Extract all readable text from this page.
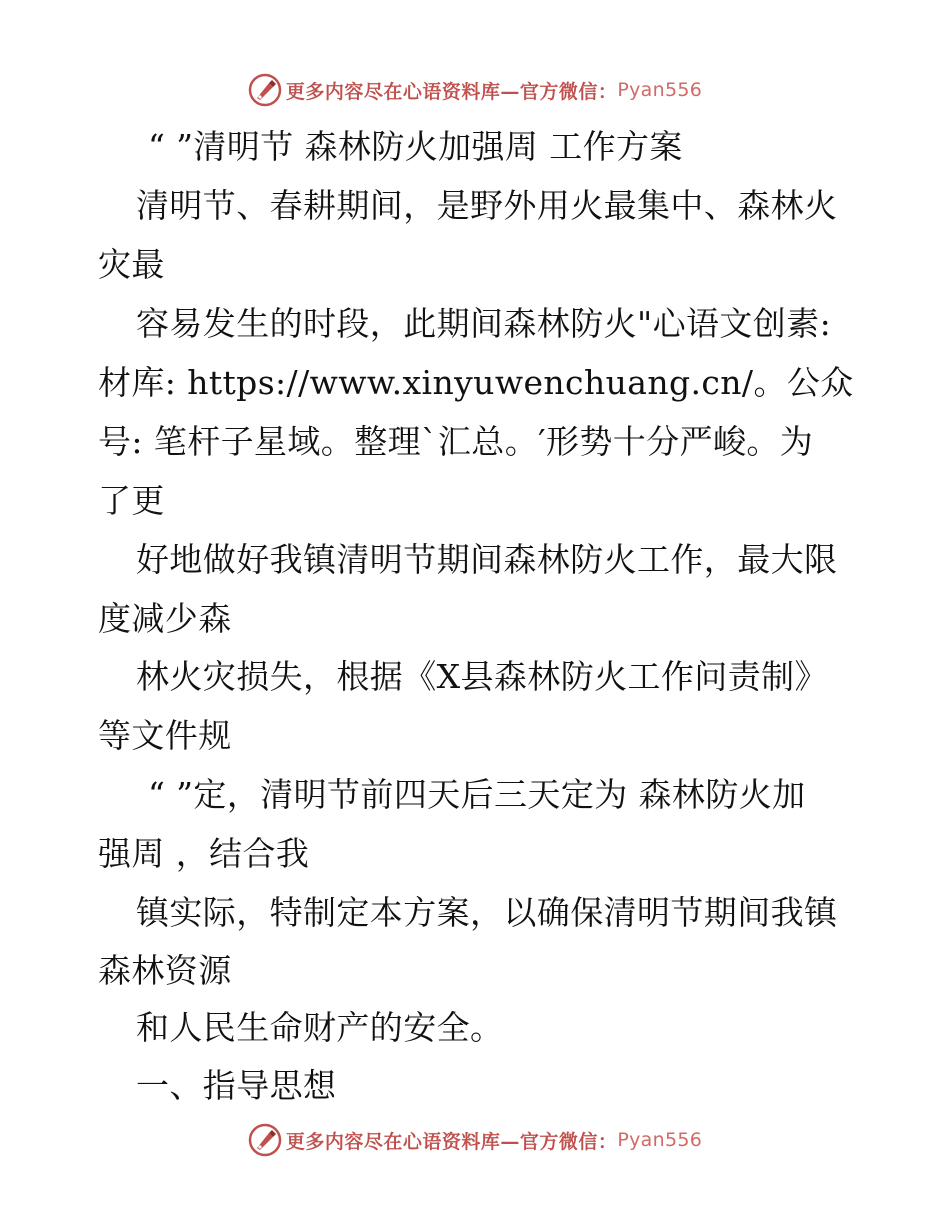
更多内容尽在心语资料库—官方微信： Pyan556
“ ”清明节 森林防火加强周 工作方案
清明节、春耕期间，是野外用火最集中、森林火
灾最
容易发生的时段，此期间森林防火"心语文创素:
材库: https://www.xinyuwenchuang.cn/。公众
号: 笔杆子星域。整理`汇总。′形势十分严峻。为
了更
好地做好我镇清明节期间森林防火工作，最大限
度减少森
林火灾损失，根据《X县森林防火工作问责制》
等文件规
“ ”定，清明节前四天后三天定为 森林防火加
强周 ，结合我
镇实际，特制定本方案，以确保清明节期间我镇
森林资源
和人民生命财产的安全。
一、指导思想
更多内容尽在心语资料库—官方微信： Pyan556
